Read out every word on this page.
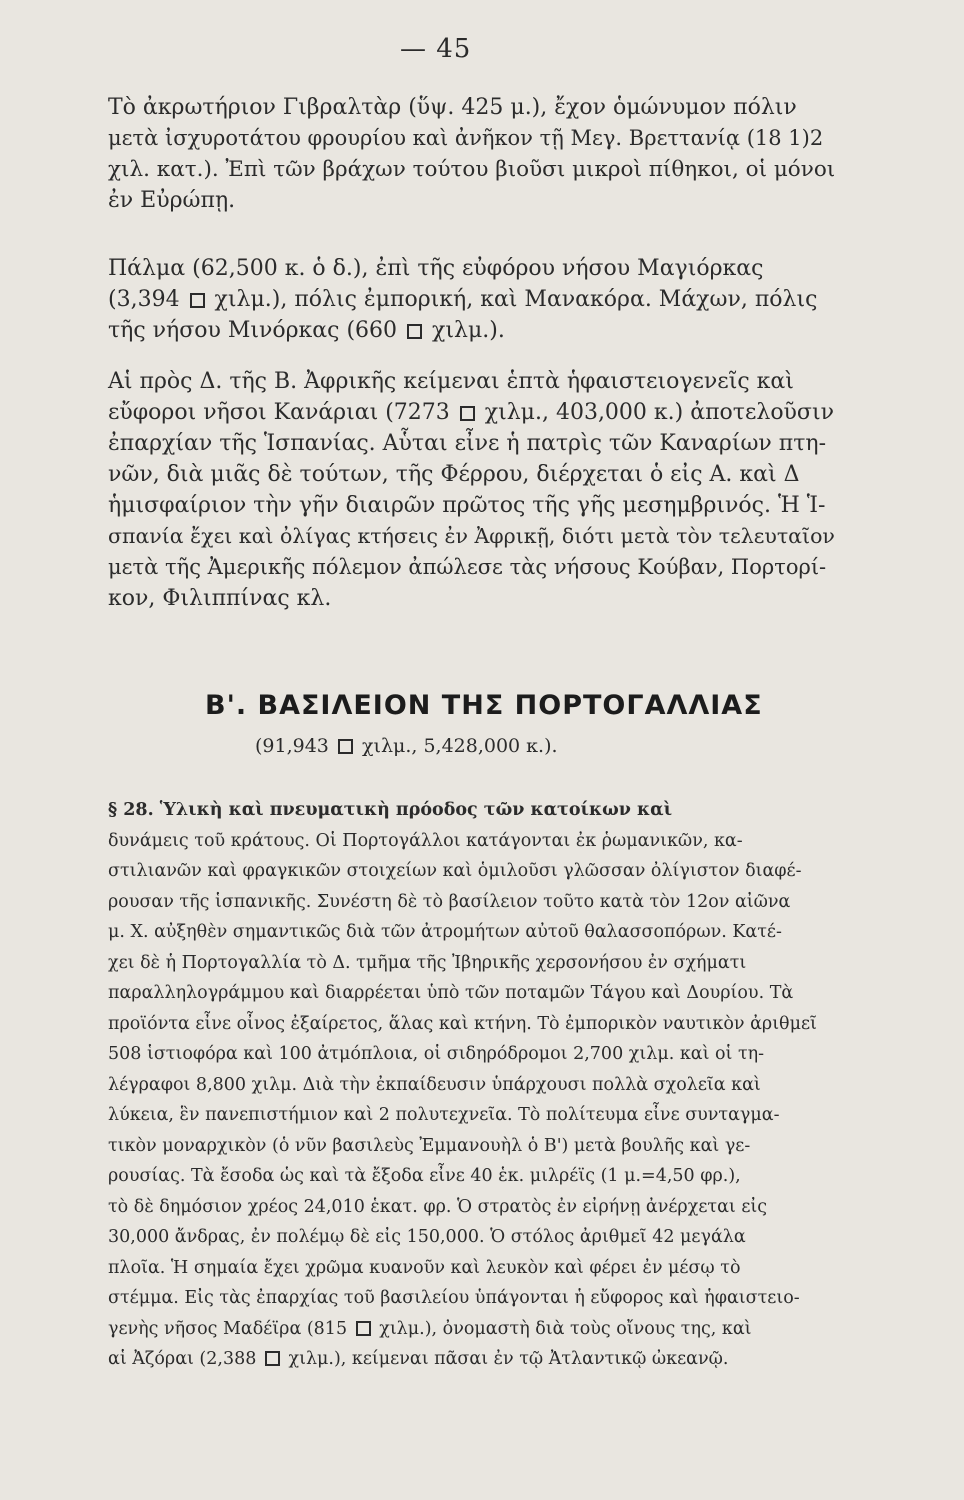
— 45
Τὸ ἀκρωτήριον Γιβραλτὰρ (ὕψ. 425 μ.), ἔχον ὁμώνυμον πόλιν
μετὰ ἰσχυροτάτου φρουρίου καὶ ἀνῆκον τῇ Μεγ. Βρεττανίᾳ (18 1)2
χιλ. κατ.). Ἐπὶ τῶν βράχων τούτου βιοῦσι μικροὶ πίθηκοι, οἱ μόνοι
ἐν Εὐρώπῃ.
Πάλμα (62,500 κ. ὁ δ.), ἐπὶ τῆς εὐφόρου νήσου Μαγιόρκας
(3,394  χιλμ.), πόλις ἐμπορική, καὶ Μανακόρα. Μάχων, πόλις
τῆς νήσου Μινόρκας (660  χιλμ.).
Αἱ πρὸς Δ. τῆς Β. Ἀφρικῆς κείμεναι ἑπτὰ ἡφαιστειογενεῖς καὶ
εὔφοροι νῆσοι Κανάριαι (7273  χιλμ., 403,000 κ.) ἀποτελοῦσιν
ἐπαρχίαν τῆς Ἱσπανίας. Αὗται εἶνε ἡ πατρὶς τῶν Καναρίων πτη-
νῶν, διὰ μιᾶς δὲ τούτων, τῆς Φέρρου, διέρχεται ὁ εἰς Α. καὶ Δ
ἡμισφαίριον τὴν γῆν διαιρῶν πρῶτος τῆς γῆς μεσημβρινός. Ἡ Ἱ-
σπανία ἔχει καὶ ὀλίγας κτήσεις ἐν Ἀφρικῇ, διότι μετὰ τὸν τελευταῖον
μετὰ τῆς Ἀμερικῆς πόλεμον ἀπώλεσε τὰς νήσους Κούβαν, Πορτορί-
κον, Φιλιππίνας κλ.
Β'. ΒΑΣΙΛΕΙΟΝ ΤΗΣ ΠΟΡΤΟΓΑΛΛΙΑΣ
(91,943  χιλμ., 5,428,000 κ.).
§ 28. Ὑλικὴ καὶ πνευματικὴ πρόοδος τῶν κατοίκων καὶ
δυνάμεις τοῦ κράτους. Οἱ Πορτογάλλοι κατάγονται ἐκ ῥωμανικῶν, κα-
στιλιανῶν καὶ φραγκικῶν στοιχείων καὶ ὁμιλοῦσι γλῶσσαν ὀλίγιστον διαφέ-
ρουσαν τῆς ἱσπανικῆς. Συνέστη δὲ τὸ βασίλειον τοῦτο κατὰ τὸν 12ον αἰῶνα
μ. Χ. αὐξηθὲν σημαντικῶς διὰ τῶν ἀτρομήτων αὐτοῦ θαλασσοπόρων. Κατέ-
χει δὲ ἡ Πορτογαλλία τὸ Δ. τμῆμα τῆς Ἰβηρικῆς χερσονήσου ἐν σχήματι
παραλληλογράμμου καὶ διαρρέεται ὑπὸ τῶν ποταμῶν Τάγου καὶ Δουρίου. Τὰ
προϊόντα εἶνε οἶνος ἐξαίρετος, ἅλας καὶ κτήνη. Τὸ ἐμπορικὸν ναυτικὸν ἀριθμεῖ
508 ἱστιοφόρα καὶ 100 ἀτμόπλοια, οἱ σιδηρόδρομοι 2,700 χιλμ. καὶ οἱ τη-
λέγραφοι 8,800 χιλμ. Διὰ τὴν ἐκπαίδευσιν ὑπάρχουσι πολλὰ σχολεῖα καὶ
λύκεια, ἓν πανεπιστήμιον καὶ 2 πολυτεχνεῖα. Τὸ πολίτευμα εἶνε συνταγμα-
τικὸν μοναρχικὸν (ὁ νῦν βασιλεὺς Ἐμμανουὴλ ὁ Β') μετὰ βουλῆς καὶ γε-
ρουσίας. Τὰ ἔσοδα ὡς καὶ τὰ ἔξοδα εἶνε 40 ἑκ. μιλρέϊς (1 μ.=4,50 φρ.),
τὸ δὲ δημόσιον χρέος 24,010 ἑκατ. φρ. Ὁ στρατὸς ἐν εἰρήνῃ ἀνέρχεται εἰς
30,000 ἄνδρας, ἐν πολέμῳ δὲ εἰς 150,000. Ὁ στόλος ἀριθμεῖ 42 μεγάλα
πλοῖα. Ἡ σημαία ἔχει χρῶμα κυανοῦν καὶ λευκὸν καὶ φέρει ἐν μέσῳ τὸ
στέμμα. Εἰς τὰς ἐπαρχίας τοῦ βασιλείου ὑπάγονται ἡ εὔφορος καὶ ἡφαιστειο-
γενὴς νῆσος Μαδέϊρα (815  χιλμ.), ὀνομαστὴ διὰ τοὺς οἴνους της, καὶ
αἱ Ἀζόραι (2,388  χιλμ.), κείμεναι πᾶσαι ἐν τῷ Ἀτλαντικῷ ὠκεανῷ.
